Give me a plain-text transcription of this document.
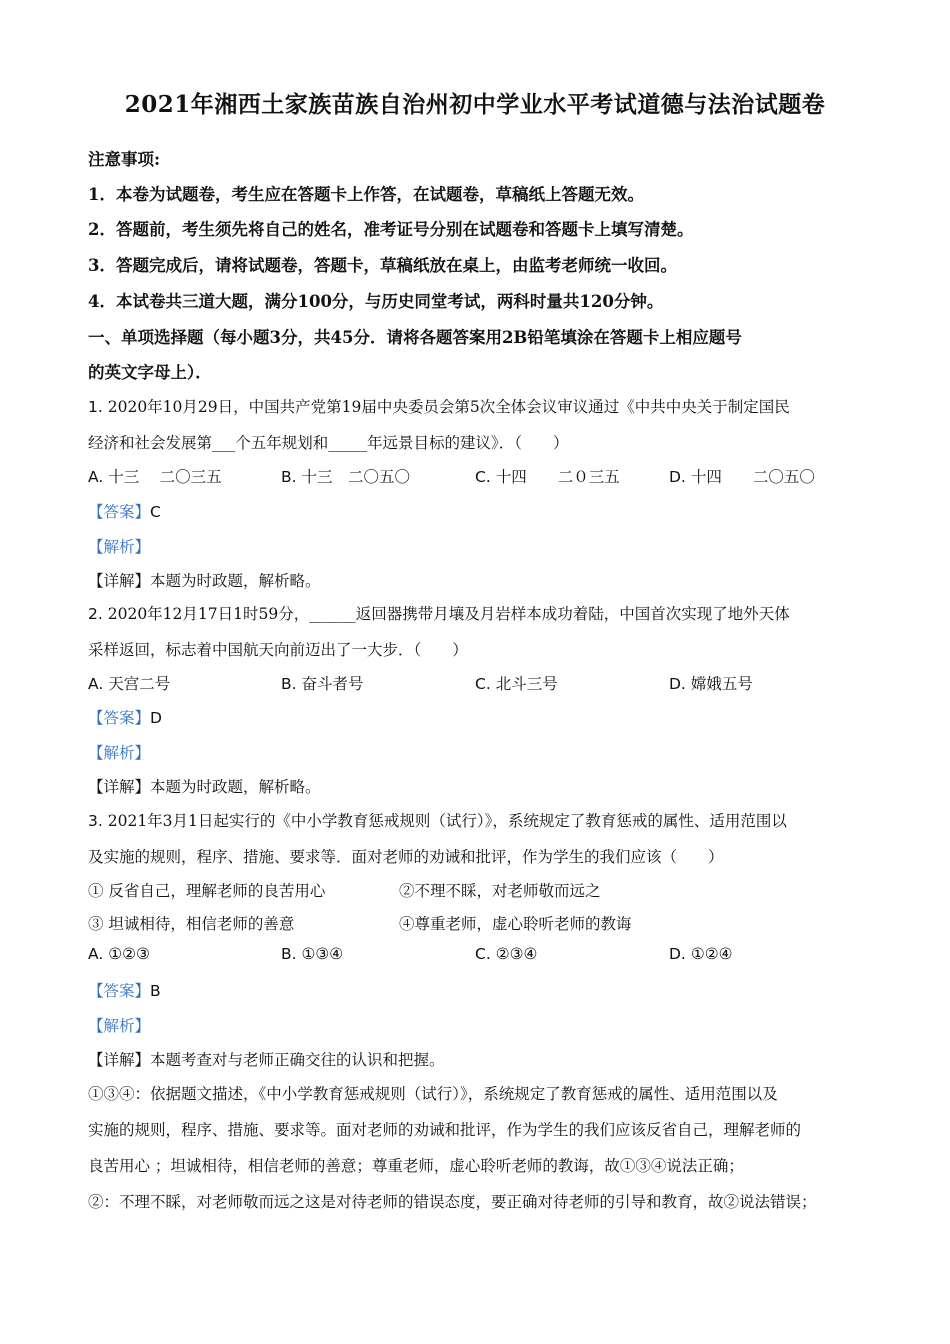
2021年湘西土家族苗族自治州初中学业水平考试道德与法治试题卷
注意事项:
1．本卷为试题卷，考生应在答题卡上作答，在试题卷，草稿纸上答题无效。
2．答题前，考生须先将自己的姓名，准考证号分别在试题卷和答题卡上填写清楚。
3．答题完成后，请将试题卷，答题卡，草稿纸放在桌上，由监考老师统一收回。
4．本试卷共三道大题，满分100分，与历史同堂考试，两科时量共120分钟。
一、单项选择题（每小题3分，共45分．请将各题答案用2B铅笔填涂在答题卡上相应题号
的英文字母上）．
1. 2020年10月29日，中国共产党第19届中央委员会第5次全体会议审议通过《中共中央关于制定国民
经济和社会发展第___个五年规划和_____年远景目标的建议》．（　　）
A. 十三　 二〇三五	B. 十三　二〇五〇	C. 十四　　二０三五	D. 十四　　二〇五〇
【答案】C
【解析】
【详解】本题为时政题，解析略。
2. 2020年12月17日1时59分，______返回器携带月壤及月岩样本成功着陆，中国首次实现了地外天体
采样返回，标志着中国航天向前迈出了一大步．（　　）
A. 天宫二号	B. 奋斗者号	C. 北斗三号	D. 嫦娥五号
【答案】D
【解析】
【详解】本题为时政题，解析略。
3. 2021年3月1日起实行的《中小学教育惩戒规则（试行）》，系统规定了教育惩戒的属性、适用范围以
及实施的规则，程序、措施、要求等．面对老师的劝诫和批评，作为学生的我们应该（　　）
① 反省自己，理解老师的良苦用心	②不理不睬，对老师敬而远之
③ 坦诚相待，相信老师的善意	④尊重老师，虚心聆听老师的教诲
A. ①②③	B. ①③④	C. ②③④	D. ①②④
【答案】B
【解析】
【详解】本题考查对与老师正确交往的认识和把握。
①③④：依据题文描述，《中小学教育惩戒规则（试行）》，系统规定了教育惩戒的属性、适用范围以及
实施的规则，程序、措施、要求等。面对老师的劝诫和批评，作为学生的我们应该反省自己，理解老师的
良苦用心 ；坦诚相待，相信老师的善意；尊重老师，虚心聆听老师的教诲，故①③④说法正确；
②：不理不睬，对老师敬而远之这是对待老师的错误态度，要正确对待老师的引导和教育，故②说法错误；
